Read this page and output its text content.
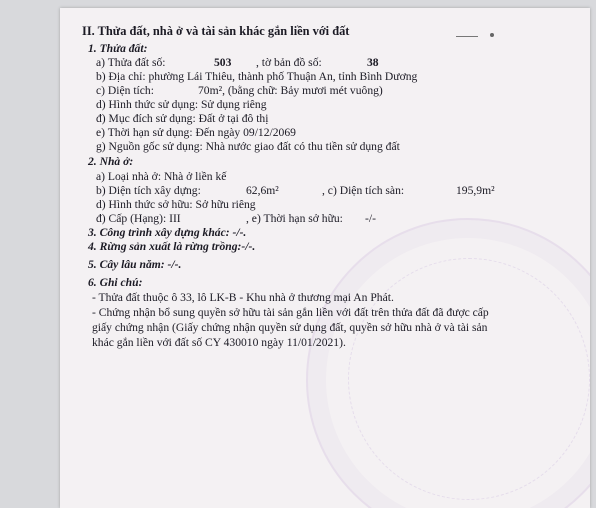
II. Thửa đất, nhà ở và tài sản khác gắn liền với đất
1. Thửa đất:
a) Thửa đất số:	503 , tờ bản đồ số:	38
b) Địa chỉ: phường Lái Thiêu, thành phố Thuận An, tỉnh Bình Dương
c) Diện tích:	70m², (bằng chữ: Bảy mươi mét vuông)
d) Hình thức sử dụng: Sử dụng riêng
đ) Mục đích sử dụng: Đất ở tại đô thị
e) Thời hạn sử dụng: Đến ngày 09/12/2069
g) Nguồn gốc sử dụng: Nhà nước giao đất có thu tiền sử dụng đất
2. Nhà ở:
a) Loại nhà ở: Nhà ở liền kế
b) Diện tích xây dựng:	62,6m²	, c) Diện tích sàn:	195,9m²
d) Hình thức sở hữu: Sở hữu riêng
đ) Cấp (Hạng): III	, e) Thời hạn sở hữu: -/-
3. Công trình xây dựng khác: -/-.
4. Rừng sản xuất là rừng trồng:-/-.
5. Cây lâu năm: -/-.
6. Ghi chú:
- Thửa đất thuộc ô 33, lô LK-B - Khu nhà ở thương mại An Phát.
- Chứng nhận bổ sung quyền sở hữu tài sản gắn liền với đất trên thửa đất đã được cấp
giấy chứng nhận (Giấy chứng nhận quyền sử dụng đất, quyền sở hữu nhà ở và tài sản
khác gắn liền với đất số CY 430010 ngày 11/01/2021).
